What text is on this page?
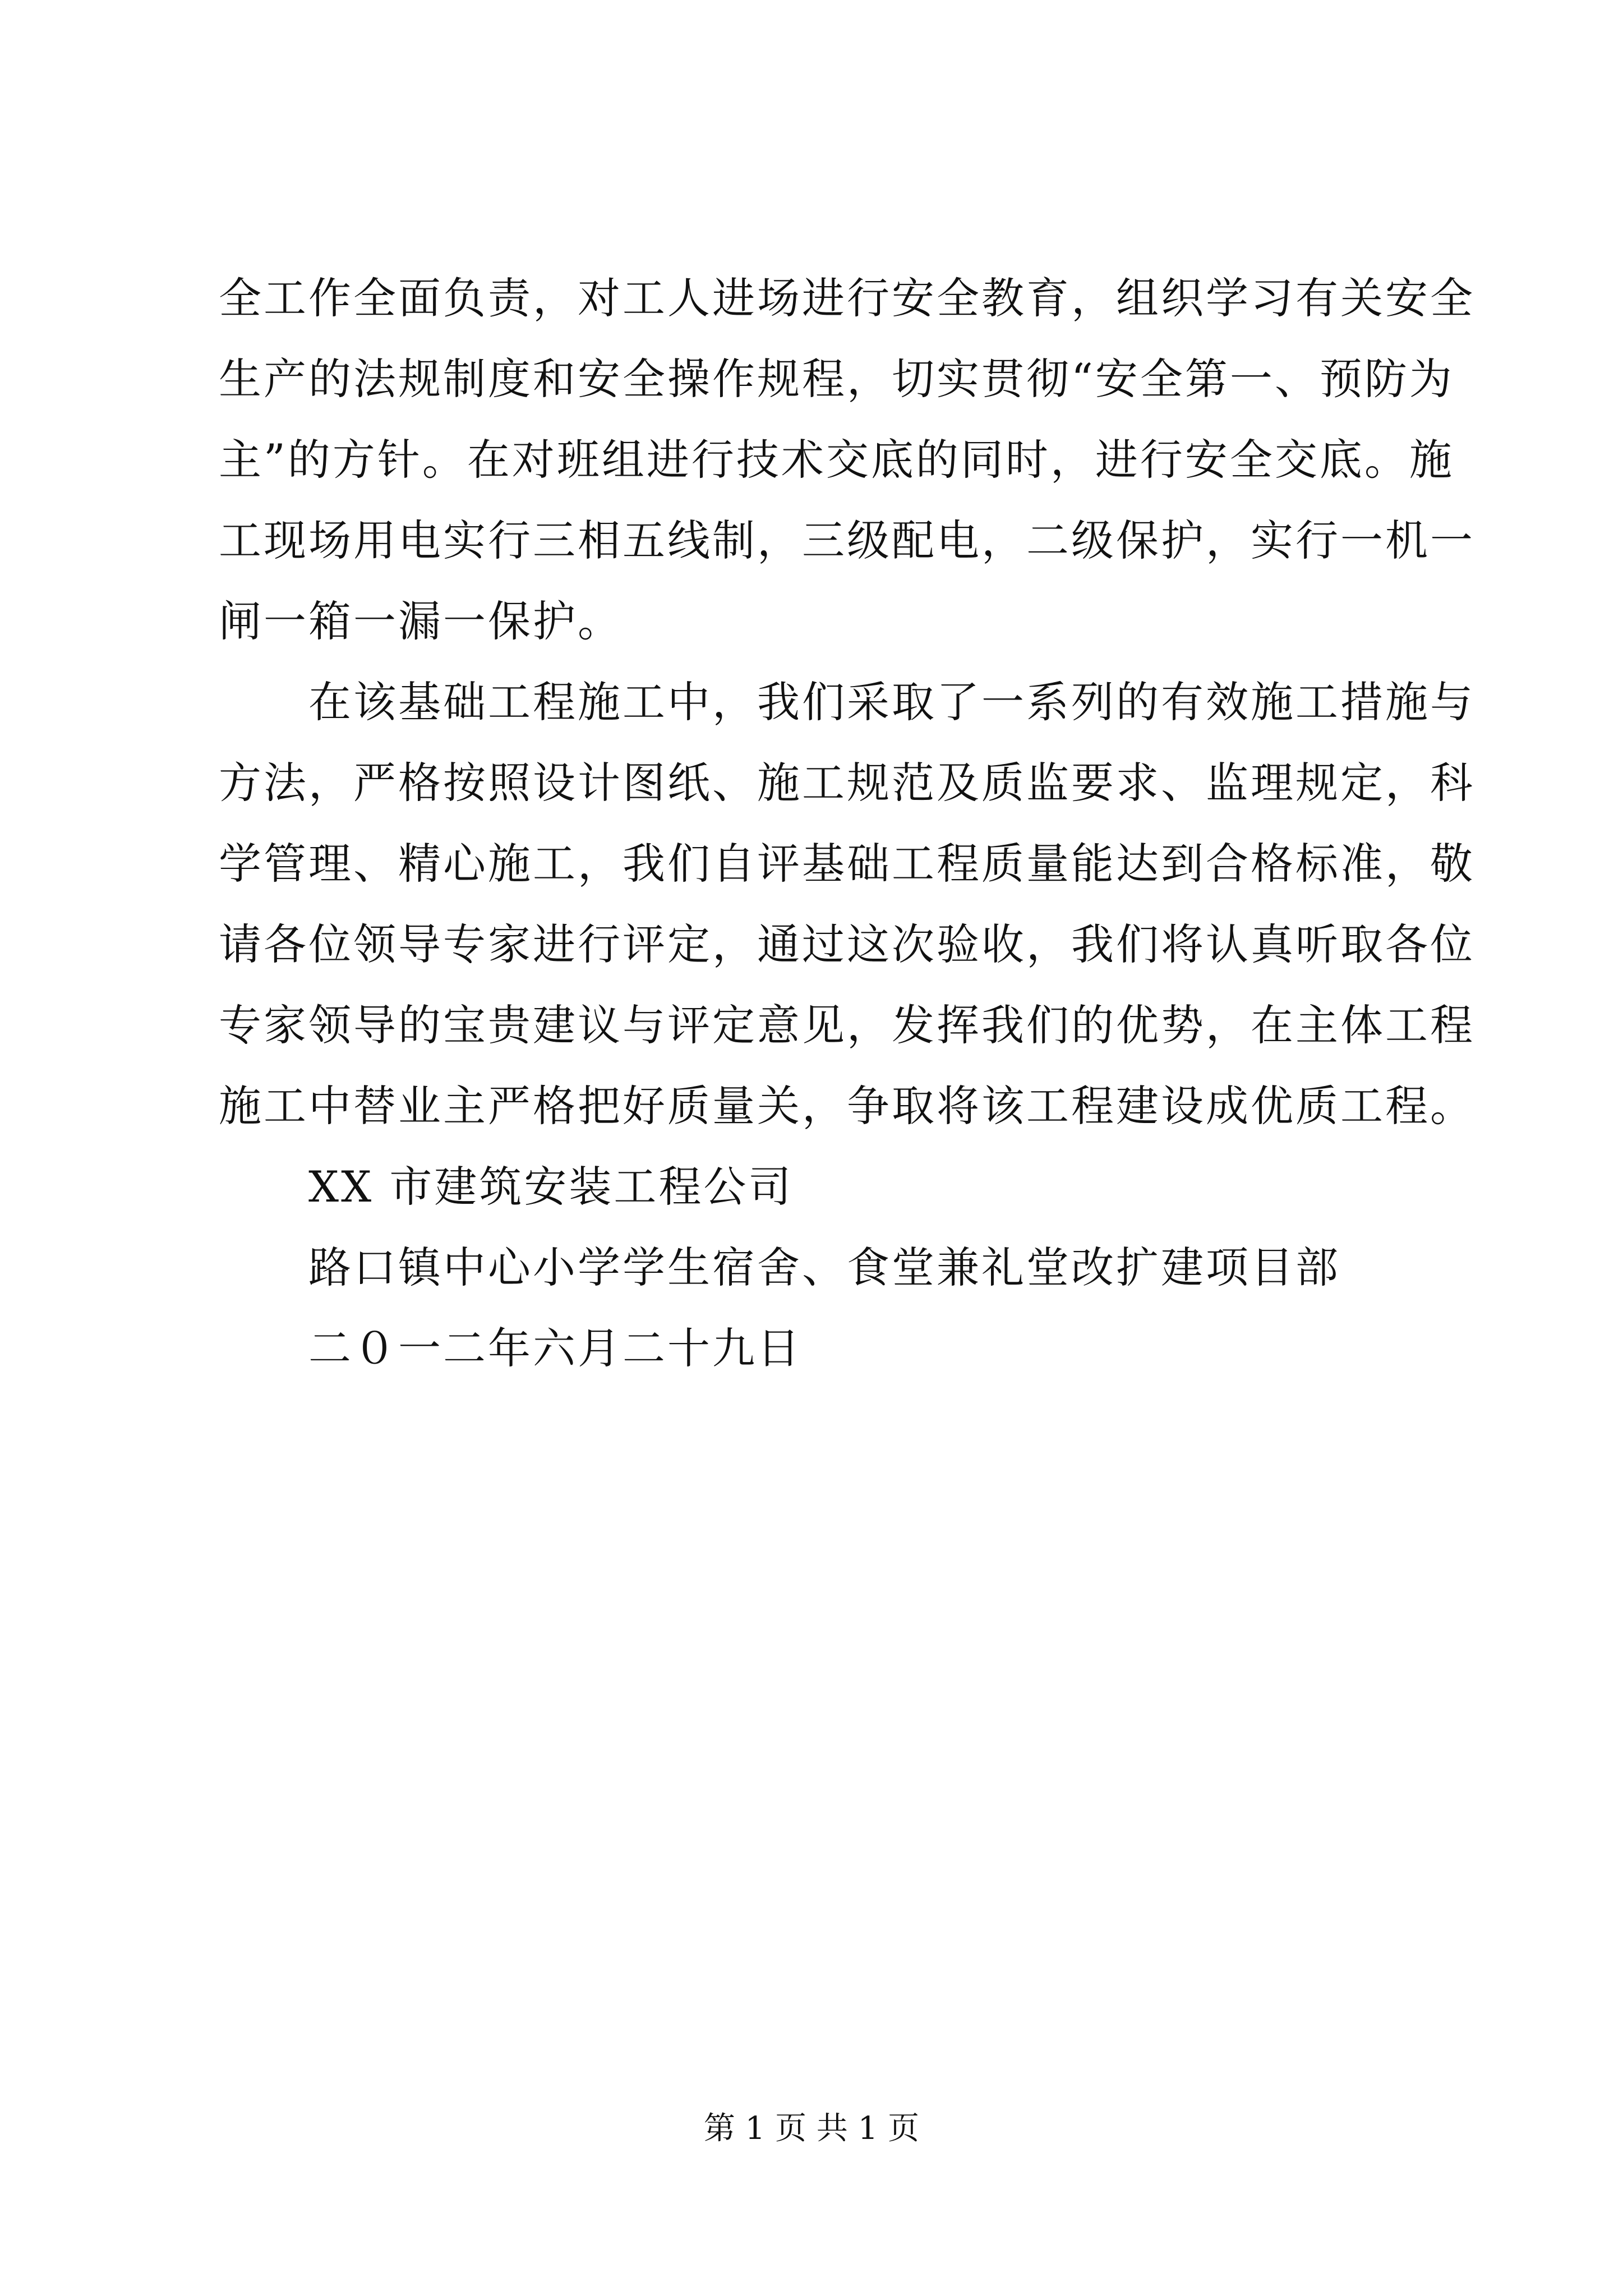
全工作全面负责，对工人进场进行安全教育，组织学习有关安全
生产的法规制度和安全操作规程，切实贯彻“安全第一、预防为
主”的方针。在对班组进行技术交底的同时，进行安全交底。施
工现场用电实行三相五线制，三级配电，二级保护，实行一机一
闸一箱一漏一保护。

在该基础工程施工中，我们采取了一系列的有效施工措施与
方法，严格按照设计图纸、施工规范及质监要求、监理规定，科
学管理、精心施工，我们自评基础工程质量能达到合格标准，敬
请各位领导专家进行评定，通过这次验收，我们将认真听取各位
专家领导的宝贵建议与评定意见，发挥我们的优势，在主体工程
施工中替业主严格把好质量关，争取将该工程建设成优质工程。

XX 市建筑安装工程公司

路口镇中心小学学生宿舍、食堂兼礼堂改扩建项目部

二０一二年六月二十九日

第 1 页 共 1 页
